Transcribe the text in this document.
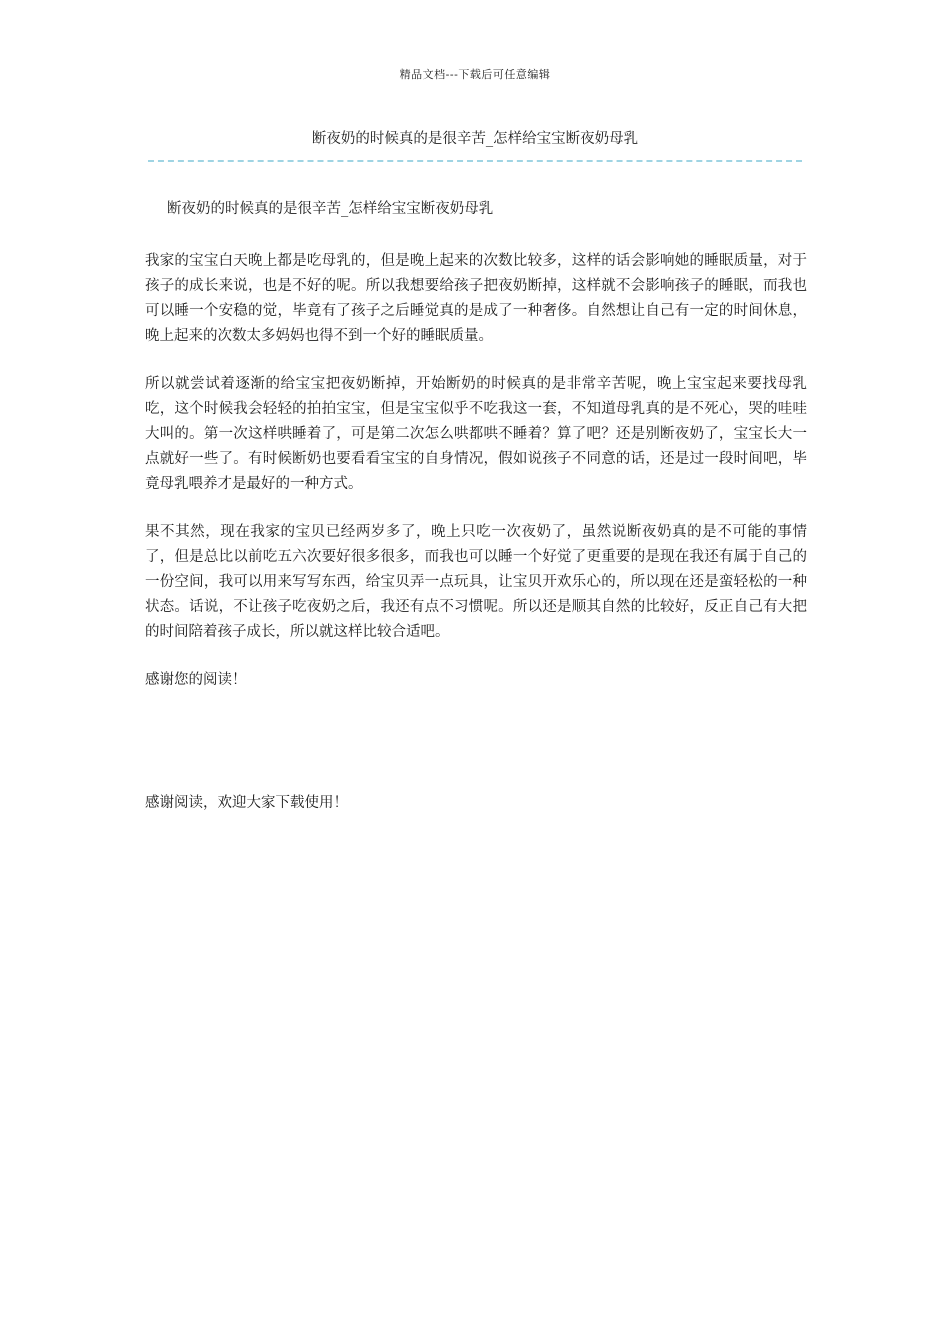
精品文档---下载后可任意编辑
断夜奶的时候真的是很辛苦_怎样给宝宝断夜奶母乳

断夜奶的时候真的是很辛苦_怎样给宝宝断夜奶母乳

我家的宝宝白天晚上都是吃母乳的，但是晚上起来的次数比较多，这样的话会影响她的睡眠质量，对于孩子的成长来说，也是不好的呢。所以我想要给孩子把夜奶断掉，这样就不会影响孩子的睡眠，而我也可以睡一个安稳的觉，毕竟有了孩子之后睡觉真的是成了一种奢侈。自然想让自己有一定的时间休息，晚上起来的次数太多妈妈也得不到一个好的睡眠质量。

所以就尝试着逐渐的给宝宝把夜奶断掉，开始断奶的时候真的是非常辛苦呢，晚上宝宝起来要找母乳吃，这个时候我会轻轻的拍拍宝宝，但是宝宝似乎不吃我这一套，不知道母乳真的是不死心，哭的哇哇大叫的。第一次这样哄睡着了，可是第二次怎么哄都哄不睡着？算了吧？还是别断夜奶了，宝宝长大一点就好一些了。有时候断奶也要看看宝宝的自身情况，假如说孩子不同意的话，还是过一段时间吧，毕竟母乳喂养才是最好的一种方式。

果不其然，现在我家的宝贝已经两岁多了，晚上只吃一次夜奶了，虽然说断夜奶真的是不可能的事情了，但是总比以前吃五六次要好很多很多，而我也可以睡一个好觉了更重要的是现在我还有属于自己的一份空间，我可以用来写写东西，给宝贝弄一点玩具，让宝贝开欢乐心的，所以现在还是蛮轻松的一种状态。话说，不让孩子吃夜奶之后，我还有点不习惯呢。所以还是顺其自然的比较好，反正自己有大把的时间陪着孩子成长，所以就这样比较合适吧。

感谢您的阅读！

感谢阅读，欢迎大家下载使用！
